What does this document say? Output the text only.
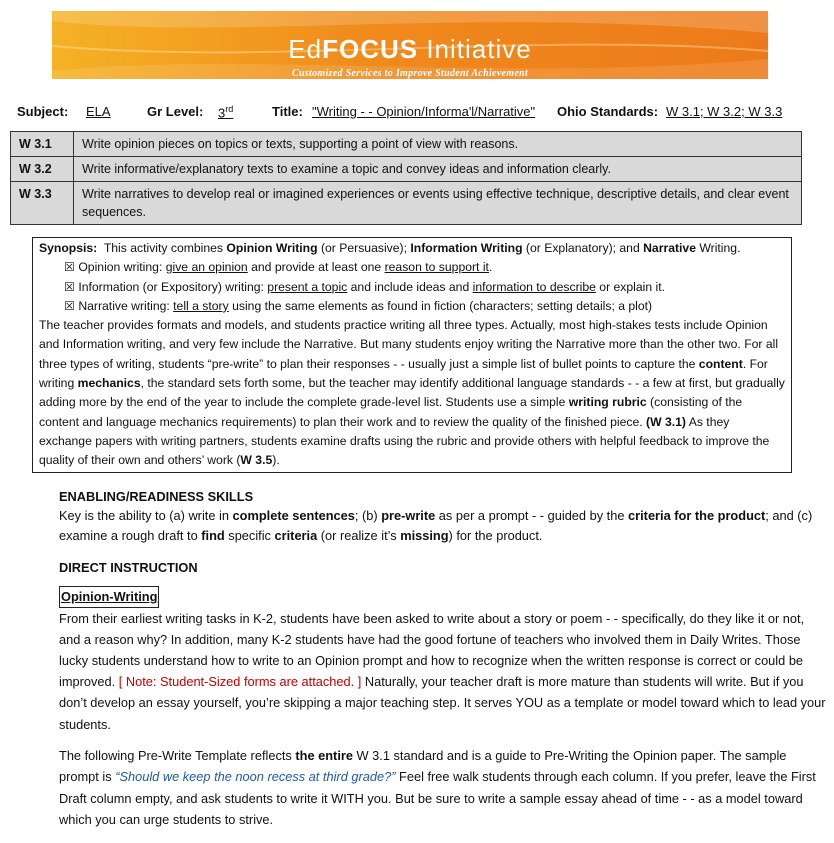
EdFOCUS Initiative
Customized Services to Improve Student Achievement
Subject: ELA	Gr Level: 3rd	Title: "Writing - - Opinion/Informa'l/Narrative" Ohio Standards: W 3.1; W 3.2; W 3.3
W 3.1	Write opinion pieces on topics or texts, supporting a point of view with reasons.
W 3.2	Write informative/explanatory texts to examine a topic and convey ideas and information clearly.
W 3.3	Write narratives to develop real or imagined experiences or events using effective technique, descriptive details, and clear event sequences.
Synopsis: This activity combines Opinion Writing (or Persuasive); Information Writing (or Explanatory); and Narrative Writing.
☒ Opinion writing: give an opinion and provide at least one reason to support it.
☒ Information (or Expository) writing: present a topic and include ideas and information to describe or explain it.
☒ Narrative writing: tell a story using the same elements as found in fiction (characters; setting details; a plot)
The teacher provides formats and models, and students practice writing all three types. Actually, most high-stakes tests include Opinion and Information writing, and very few include the Narrative. But many students enjoy writing the Narrative more than the other two. For all three types of writing, students “pre-write” to plan their responses - - usually just a simple list of bullet points to capture the content. For writing mechanics, the standard sets forth some, but the teacher may identify additional language standards - - a few at first, but gradually adding more by the end of the year to include the complete grade-level list. Students use a simple writing rubric (consisting of the content and language mechanics requirements) to plan their work and to review the quality of the finished piece. (W 3.1) As they exchange papers with writing partners, students examine drafts using the rubric and provide others with helpful feedback to improve the quality of their own and others’ work (W 3.5).
ENABLING/READINESS SKILLS
Key is the ability to (a) write in complete sentences; (b) pre-write as per a prompt - - guided by the criteria for the product; and (c) examine a rough draft to find specific criteria (or realize it’s missing) for the product.
DIRECT INSTRUCTION
Opinion-Writing
From their earliest writing tasks in K-2, students have been asked to write about a story or poem - - specifically, do they like it or not, and a reason why? In addition, many K-2 students have had the good fortune of teachers who involved them in Daily Writes. Those lucky students understand how to write to an Opinion prompt and how to recognize when the written response is correct or could be improved. [ Note: Student-Sized forms are attached. ] Naturally, your teacher draft is more mature than students will write. But if you don’t develop an essay yourself, you’re skipping a major teaching step. It serves YOU as a template or model toward which to lead your students.
The following Pre-Write Template reflects the entire W 3.1 standard and is a guide to Pre-Writing the Opinion paper. The sample prompt is “Should we keep the noon recess at third grade?” Feel free walk students through each column. If you prefer, leave the First Draft column empty, and ask students to write it WITH you. But be sure to write a sample essay ahead of time - - as a model toward which you can urge students to strive.
